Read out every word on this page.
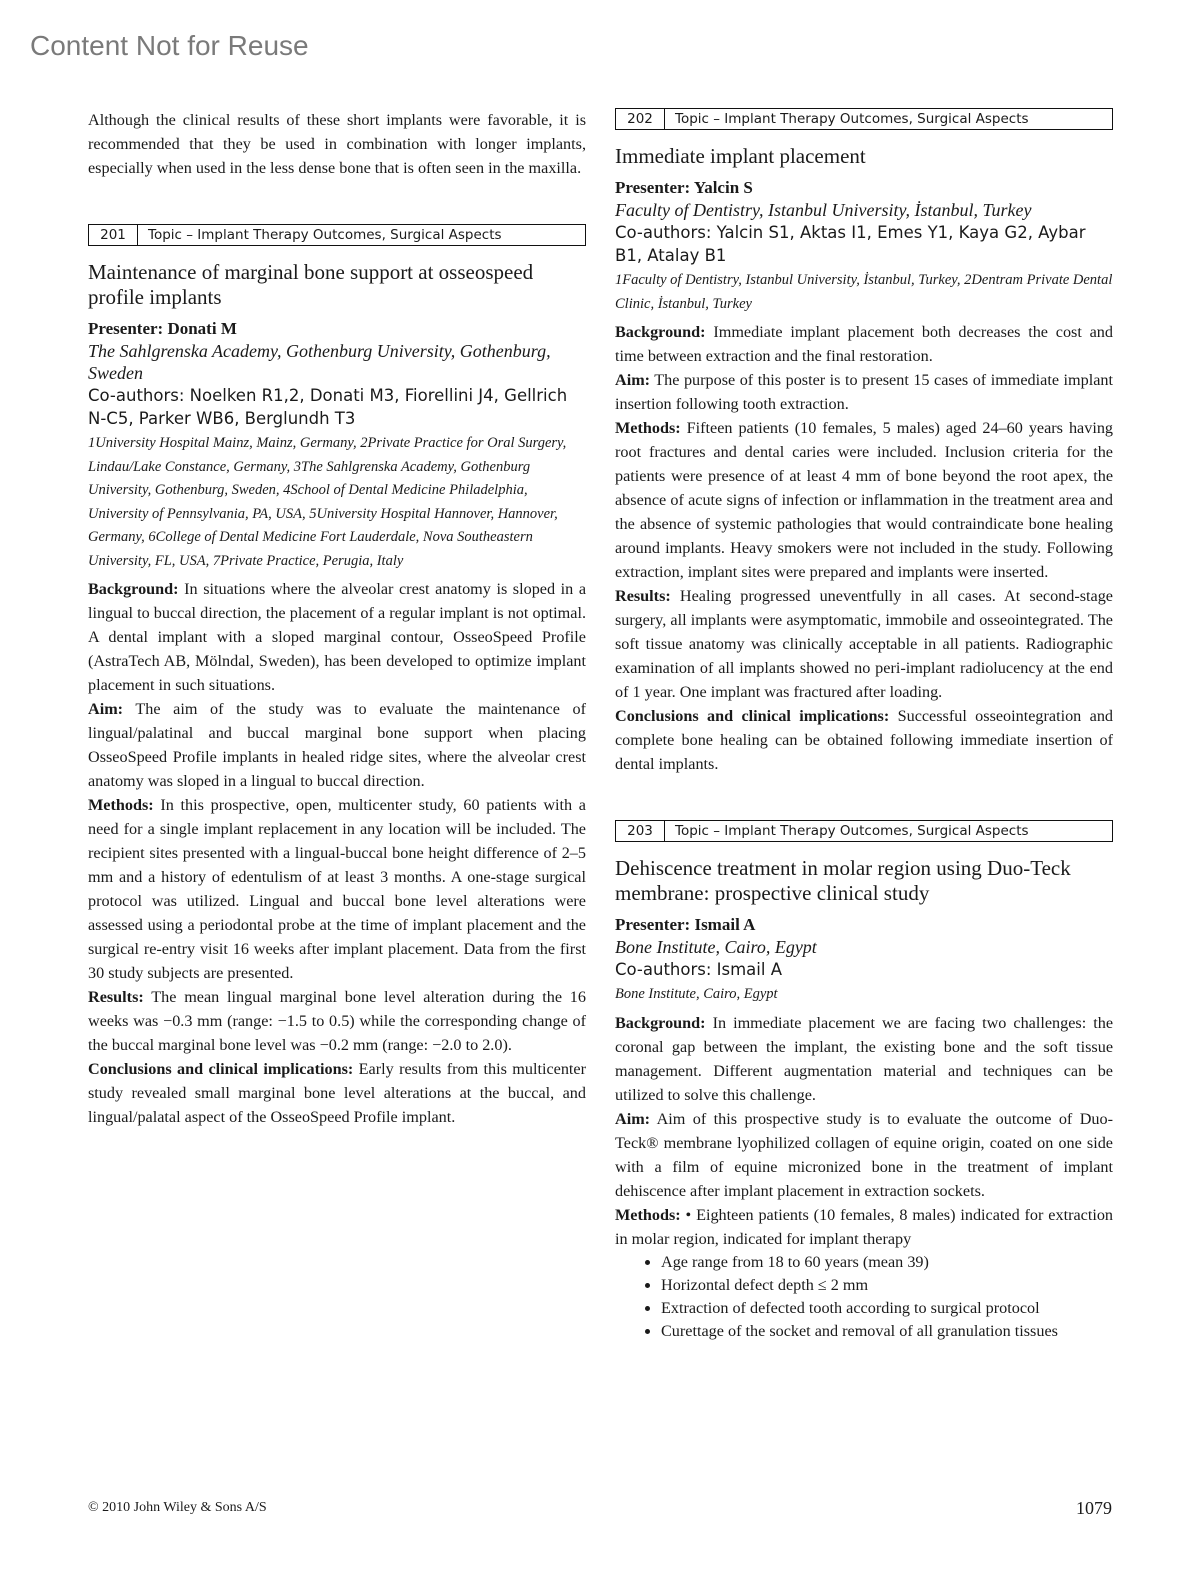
Content Not for Reuse

Although the clinical results of these short implants were favorable, it is recommended that they be used in combination with longer implants, especially when used in the less dense bone that is often seen in the maxilla.

201	Topic – Implant Therapy Outcomes, Surgical Aspects
Maintenance of marginal bone support at osseospeed profile implants
Presenter: Donati M
The Sahlgrenska Academy, Gothenburg University, Gothenburg, Sweden
Co-authors: Noelken R1,2, Donati M3, Fiorellini J4, Gellrich N-C5, Parker WB6, Berglundh T3
1University Hospital Mainz, Mainz, Germany, 2Private Practice for Oral Surgery, Lindau/Lake Constance, Germany, 3The Sahlgrenska Academy, Gothenburg University, Gothenburg, Sweden, 4School of Dental Medicine Philadelphia, University of Pennsylvania, PA, USA, 5University Hospital Hannover, Hannover, Germany, 6College of Dental Medicine Fort Lauderdale, Nova Southeastern University, FL, USA, 7Private Practice, Perugia, Italy

Background: In situations where the alveolar crest anatomy is sloped in a lingual to buccal direction, the placement of a regular implant is not optimal. A dental implant with a sloped marginal contour, OsseoSpeed Profile (AstraTech AB, Mölndal, Sweden), has been developed to optimize implant placement in such situations.

Aim: The aim of the study was to evaluate the maintenance of lingual/palatinal and buccal marginal bone support when placing OsseoSpeed Profile implants in healed ridge sites, where the alveolar crest anatomy was sloped in a lingual to buccal direction.

Methods: In this prospective, open, multicenter study, 60 patients with a need for a single implant replacement in any location will be included. The recipient sites presented with a lingual-buccal bone height difference of 2–5 mm and a history of edentulism of at least 3 months. A one-stage surgical protocol was utilized. Lingual and buccal bone level alterations were assessed using a periodontal probe at the time of implant placement and the surgical re-entry visit 16 weeks after implant placement. Data from the first 30 study subjects are presented.

Results: The mean lingual marginal bone level alteration during the 16 weeks was −0.3 mm (range: −1.5 to 0.5) while the corresponding change of the buccal marginal bone level was −0.2 mm (range: −2.0 to 2.0).

Conclusions and clinical implications: Early results from this multicenter study revealed small marginal bone level alterations at the buccal, and lingual/palatal aspect of the OsseoSpeed Profile implant.

202	Topic – Implant Therapy Outcomes, Surgical Aspects
Immediate implant placement
Presenter: Yalcin S
Faculty of Dentistry, Istanbul University, İstanbul, Turkey
Co-authors: Yalcin S1, Aktas I1, Emes Y1, Kaya G2, Aybar B1, Atalay B1
1Faculty of Dentistry, Istanbul University, İstanbul, Turkey, 2Dentram Private Dental Clinic, İstanbul, Turkey

Background: Immediate implant placement both decreases the cost and time between extraction and the final restoration.

Aim: The purpose of this poster is to present 15 cases of immediate implant insertion following tooth extraction.

Methods: Fifteen patients (10 females, 5 males) aged 24–60 years having root fractures and dental caries were included. Inclusion criteria for the patients were presence of at least 4 mm of bone beyond the root apex, the absence of acute signs of infection or inflammation in the treatment area and the absence of systemic pathologies that would contraindicate bone healing around implants. Heavy smokers were not included in the study. Following extraction, implant sites were prepared and implants were inserted.

Results: Healing progressed uneventfully in all cases. At second-stage surgery, all implants were asymptomatic, immobile and osseointegrated. The soft tissue anatomy was clinically acceptable in all patients. Radiographic examination of all implants showed no peri-implant radiolucency at the end of 1 year. One implant was fractured after loading.

Conclusions and clinical implications: Successful osseointegration and complete bone healing can be obtained following immediate insertion of dental implants.

203	Topic – Implant Therapy Outcomes, Surgical Aspects
Dehiscence treatment in molar region using Duo-Teck membrane: prospective clinical study
Presenter: Ismail A
Bone Institute, Cairo, Egypt
Co-authors: Ismail A
Bone Institute, Cairo, Egypt

Background: In immediate placement we are facing two challenges: the coronal gap between the implant, the existing bone and the soft tissue management. Different augmentation material and techniques can be utilized to solve this challenge.

Aim: Aim of this prospective study is to evaluate the outcome of Duo-Teck® membrane lyophilized collagen of equine origin, coated on one side with a film of equine micronized bone in the treatment of implant dehiscence after implant placement in extraction sockets.

Methods: • Eighteen patients (10 females, 8 males) indicated for extraction in molar region, indicated for implant therapy

• Age range from 18 to 60 years (mean 39)
• Horizontal defect depth ≤ 2 mm
• Extraction of defected tooth according to surgical protocol
• Curettage of the socket and removal of all granulation tissues
© 2010 John Wiley & Sons A/S	1079
